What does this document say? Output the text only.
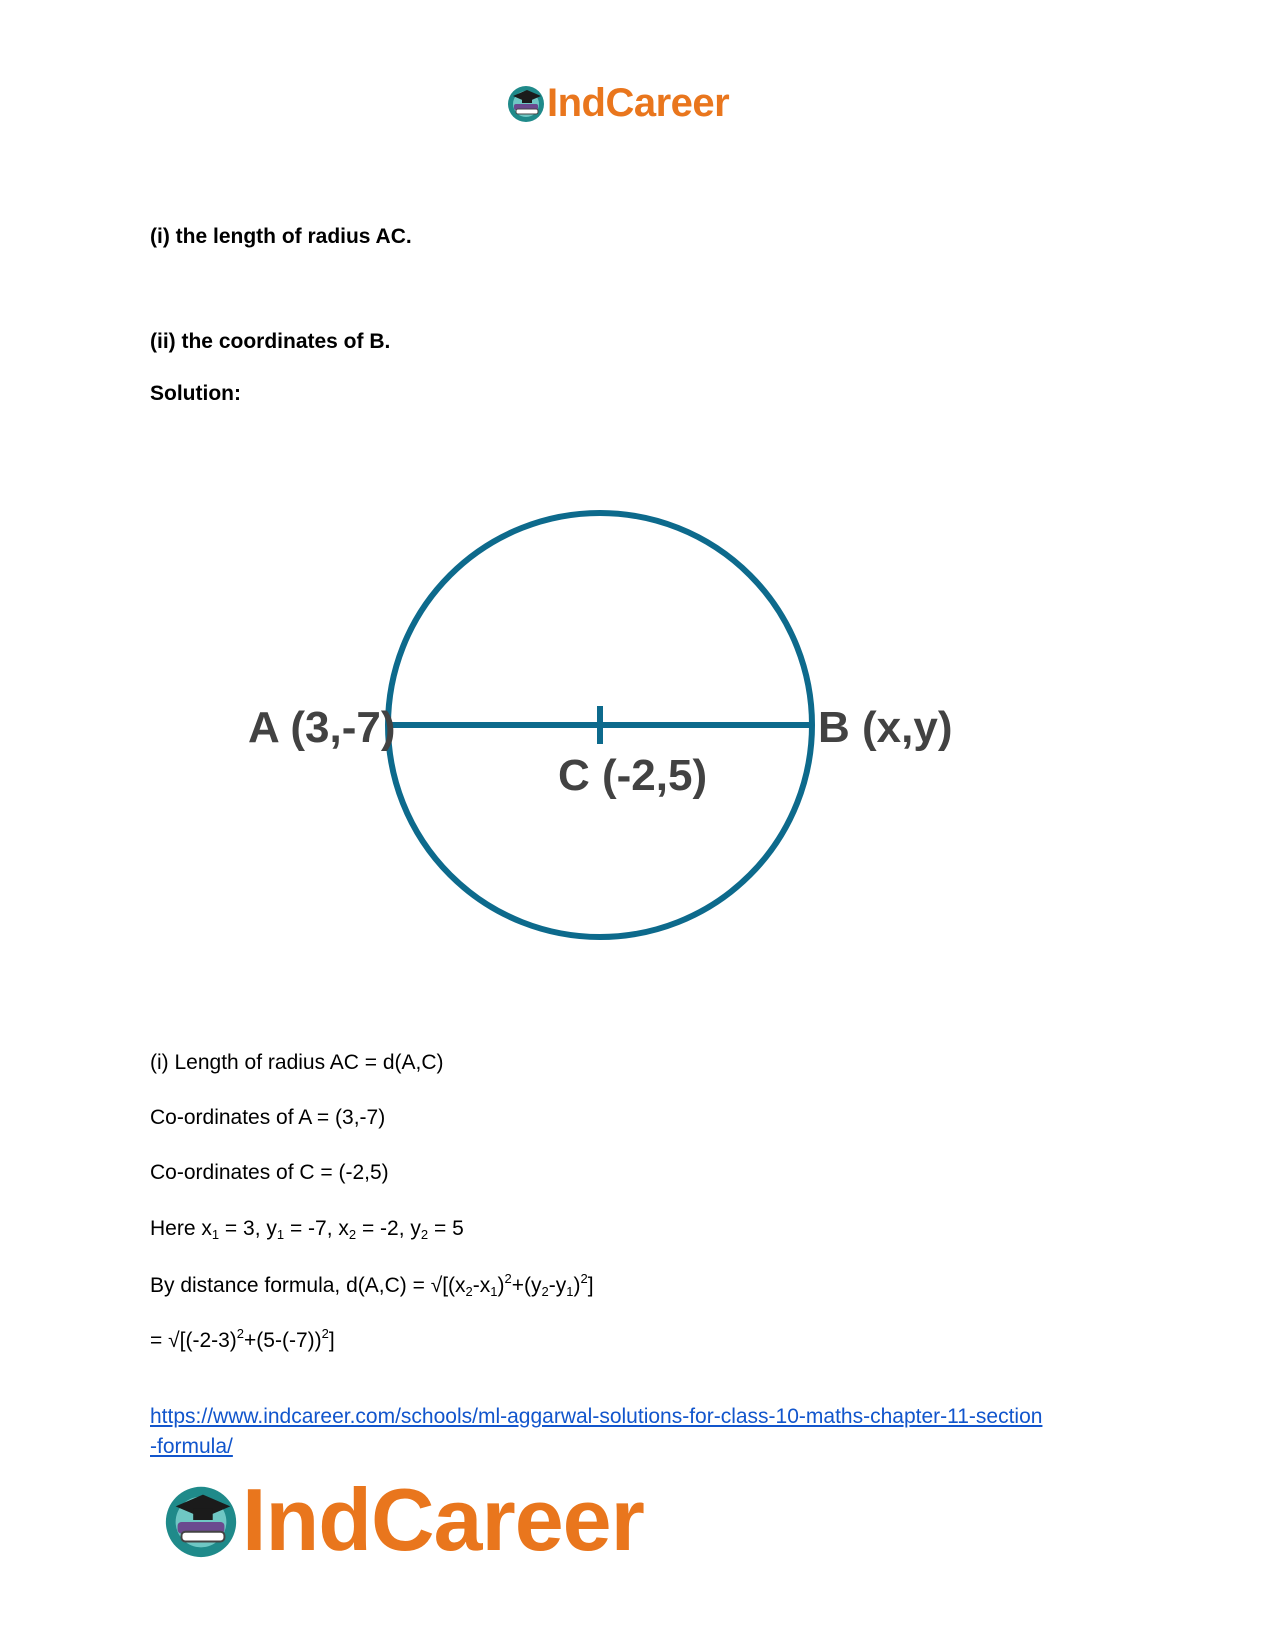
IndCareer
(i) the length of radius AC.
(ii) the coordinates of B.
Solution:
A (3,-7)	B (x,y)
C (-2,5)
(i) Length of radius AC = d(A,C)
Co-ordinates of A = (3,-7)
Co-ordinates of C = (-2,5)
Here $x_1 = 3$, $y_1 = -7$, $x_2 = -2$, $y_2 = 5$
By distance formula, $d(A,C) = √[(x_2-x_1)^2+(y_2-y_1)^2]$
= $√[(-2-3)^2+(5-(-7))^2]$
https://www.indcareer.com/schools/ml-aggarwal-solutions-for-class-10-maths-chapter-11-section
-formula/
IndCareer
